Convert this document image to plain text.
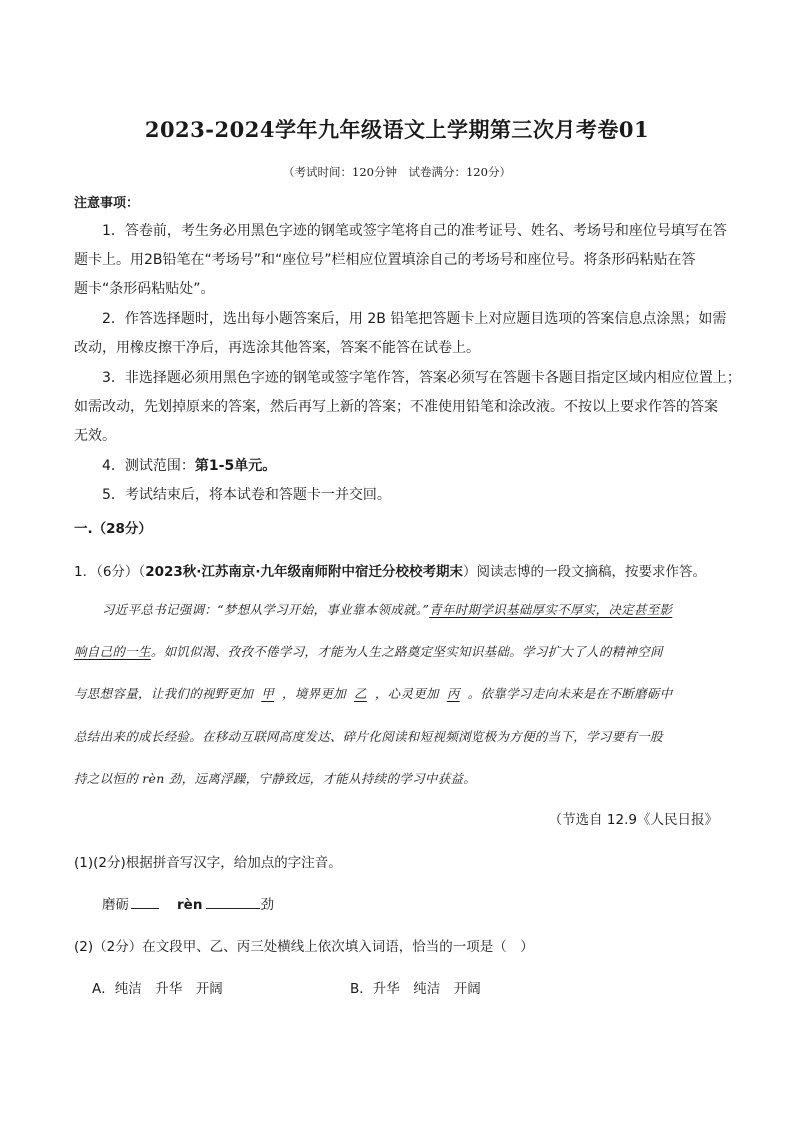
2023-2024学年九年级语文上学期第三次月考卷01
（考试时间：120分钟　试卷满分：120分）
注意事项：
1．答卷前，考生务必用黑色字迹的钢笔或签字笔将自己的准考证号、姓名、考场号和座位号填写在答
题卡上。用2B铅笔在“考场号”和“座位号”栏相应位置填涂自己的考场号和座位号。将条形码粘贴在答
题卡“条形码粘贴处”。
2．作答选择题时，选出每小题答案后，用 2B 铅笔把答题卡上对应题目选项的答案信息点涂黑；如需
改动，用橡皮擦干净后，再选涂其他答案，答案不能答在试卷上。
3．非选择题必须用黑色字迹的钢笔或签字笔作答，答案必须写在答题卡各题目指定区域内相应位置上；
如需改动，先划掉原来的答案，然后再写上新的答案；不准使用铅笔和涂改液。不按以上要求作答的答案
无效。
4．测试范围：第1-5单元。
5．考试结束后，将本试卷和答题卡一并交回。
一.（28分）
1．（6分）（2023秋·江苏南京·九年级南师附中宿迁分校校考期末）阅读志博的一段文摘稿，按要求作答。
习近平总书记强调：“梦想从学习开始，事业靠本领成就。”青年时期学识基础厚实不厚实，决定甚至影
响自己的一生。如饥似渴、孜孜不倦学习，才能为人生之路奠定坚实知识基础。学习扩大了人的精神空间
与思想容量，让我们的视野更加 甲 ，境界更加 乙 ，心灵更加 丙 。依靠学习走向未来是在不断磨砺中
总结出来的成长经验。在移动互联网高度发达、碎片化阅读和短视频浏览极为方便的当下，学习要有一股
持之以恒的 rèn 劲，远离浮躁，宁静致远，才能从持续的学习中获益。
（节选自 12.9《人民日报》
(1)(2分)根据拼音写汉字，给加点的字注音。
磨砺	rèn	劲
(2)（2分）在文段甲、乙、丙三处横线上依次填入词语，恰当的一项是（　）
A．纯洁　升华　开阔	B．升华　纯洁　开阔
